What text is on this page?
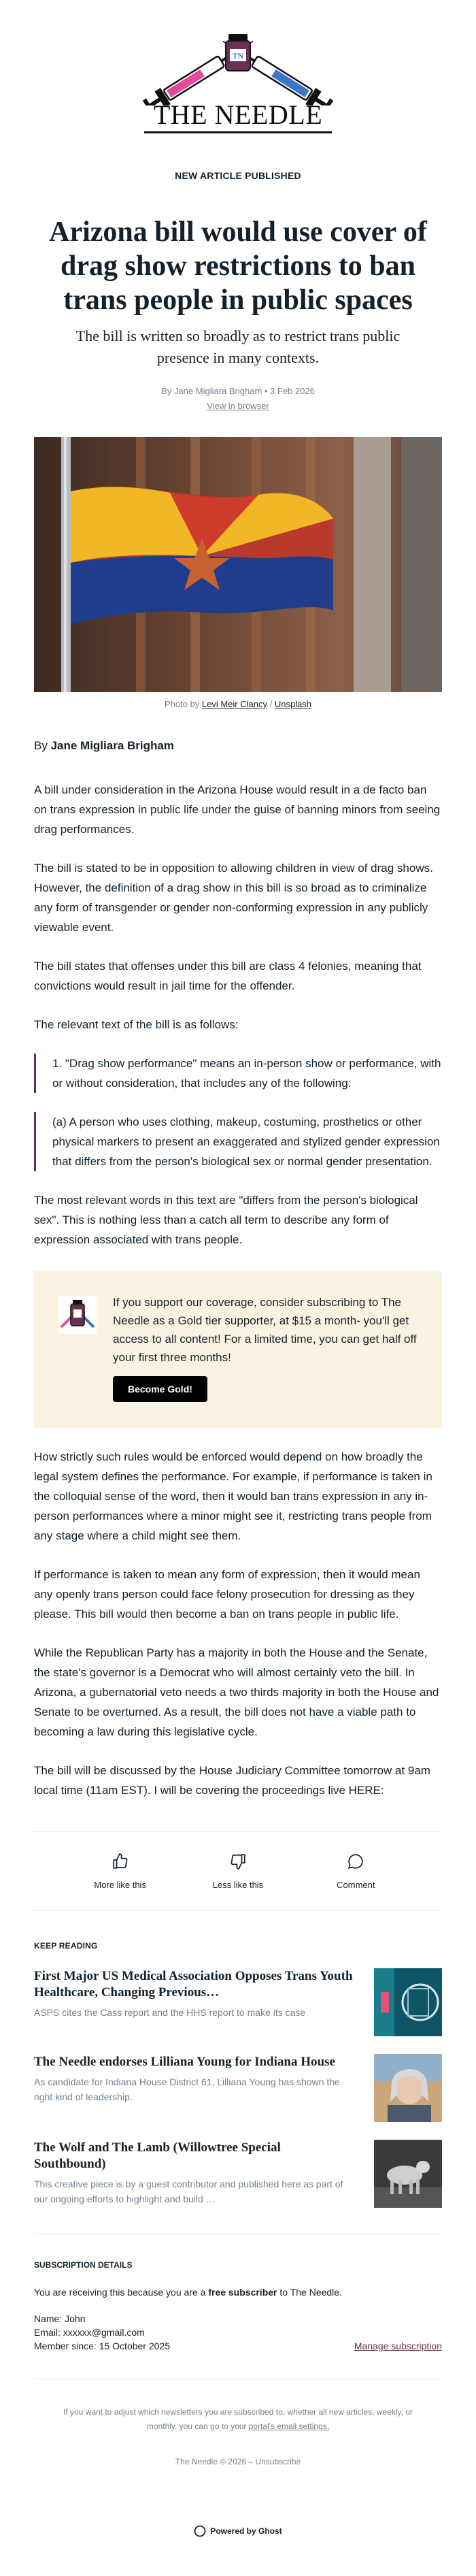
TN
THE NEEDLE
NEW ARTICLE PUBLISHED
Arizona bill would use cover of drag show restrictions to ban trans people in public spaces
The bill is written so broadly as to restrict trans public presence in many contexts.
By Jane Migliara Brigham • 3 Feb 2026
View in browser
Photo by Levi Meir Clancy / Unsplash
By Jane Migliara Brigham

A bill under consideration in the Arizona House would result in a de facto ban on trans expression in public life under the guise of banning minors from seeing drag performances.

The bill is stated to be in opposition to allowing children in view of drag shows. However, the definition of a drag show in this bill is so broad as to criminalize any form of transgender or gender non-conforming expression in any publicly viewable event.

The bill states that offenses under this bill are class 4 felonies, meaning that convictions would result in jail time for the offender.

The relevant text of the bill is as follows:

1. "Drag show performance" means an in-person show or performance, with or without consideration, that includes any of the following:

(a) A person who uses clothing, makeup, costuming, prosthetics or other physical markers to present an exaggerated and stylized gender expression that differs from the person's biological sex or normal gender presentation.

The most relevant words in this text are "differs from the person's biological sex". This is nothing less than a catch all term to describe any form of expression associated with trans people.

If you support our coverage, consider subscribing to The Needle as a Gold tier supporter, at $15 a month- you'll get access to all content! For a limited time, you can get half off your first three months!
Become Gold!

How strictly such rules would be enforced would depend on how broadly the legal system defines the performance. For example, if performance is taken in the colloquial sense of the word, then it would ban trans expression in any in-person performances where a minor might see it, restricting trans people from any stage where a child might see them.

If performance is taken to mean any form of expression, then it would mean any openly trans person could face felony prosecution for dressing as they please. This bill would then become a ban on trans people in public life.

While the Republican Party has a majority in both the House and the Senate, the state's governor is a Democrat who will almost certainly veto the bill. In Arizona, a gubernatorial veto needs a two thirds majority in both the House and Senate to be overturned. As a result, the bill does not have a viable path to becoming a law during this legislative cycle.

The bill will be discussed by the House Judiciary Committee tomorrow at 9am local time (11am EST). I will be covering the proceedings live HERE:

More like this	Less like this	Comment
KEEP READING
First Major US Medical Association Opposes Trans Youth Healthcare, Changing Previous…
ASPS cites the Cass report and the HHS report to make its case
The Needle endorses Lilliana Young for Indiana House
As candidate for Indiana House District 61, Lilliana Young has shown the right kind of leadership.
The Wolf and The Lamb (Willowtree Special Southbound)
This creative piece is by a guest contributor and published here as part of our ongoing efforts to highlight and build …
SUBSCRIPTION DETAILS
You are receiving this because you are a free subscriber to The Needle.
Name: John
Email: xxxxxx@gmail.com
Member since: 15 October 2025	Manage subscription
If you want to adjust which newsletters you are subscribed to, whether all new articles, weekly, or monthly, you can go to your portal's email settings.
The Needle © 2026 – Unsubscribe
Powered by Ghost
